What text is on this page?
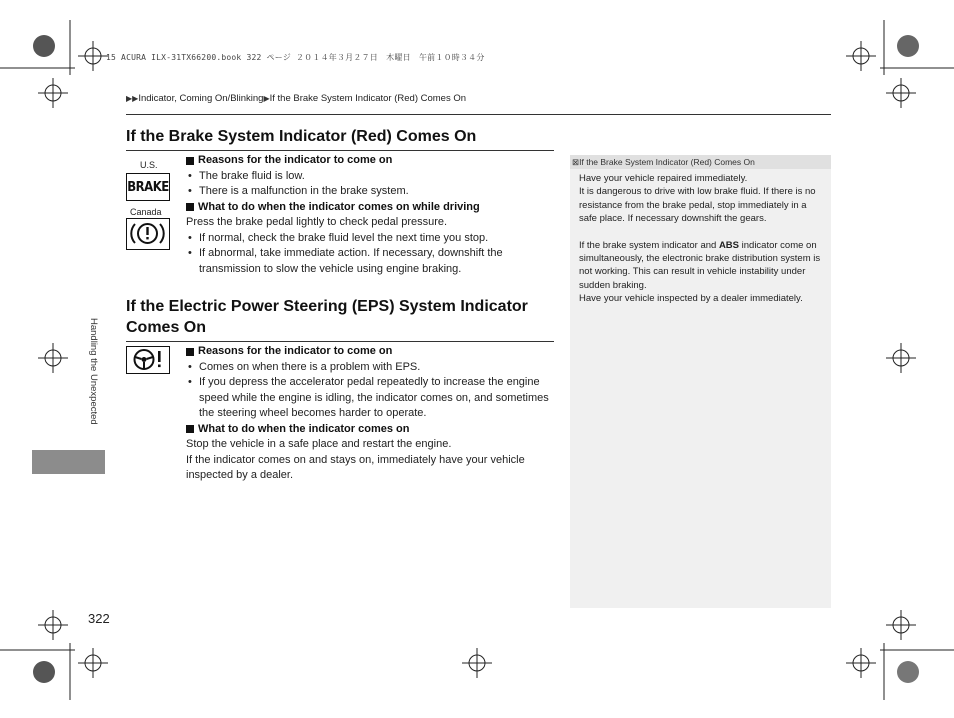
15 ACURA ILX-31TX66200.book 322 ページ ２０１４年３月２７日　木曜日　午前１０時３４分
▶▶Indicator, Coming On/Blinking▶If the Brake System Indicator (Red) Comes On
If the Brake System Indicator (Red) Comes On
U.S.
BRAKE
Canada
Reasons for the indicator to come on
• The brake fluid is low.
• There is a malfunction in the brake system.
What to do when the indicator comes on while driving

Press the brake pedal lightly to check pedal pressure.

• If normal, check the brake fluid level the next time you stop.
• If abnormal, take immediate action. If necessary, downshift the transmission to slow the vehicle using engine braking.
If the Electric Power Steering (EPS) System Indicator Comes On
Reasons for the indicator to come on
• Comes on when there is a problem with EPS.
• If you depress the accelerator pedal repeatedly to increase the engine speed while the engine is idling, the indicator comes on, and sometimes the steering wheel becomes harder to operate.
What to do when the indicator comes on

Stop the vehicle in a safe place and restart the engine.

If the indicator comes on and stays on, immediately have your vehicle inspected by a dealer.

⊠If the Brake System Indicator (Red) Comes On

Have your vehicle repaired immediately.

It is dangerous to drive with low brake fluid. If there is no resistance from the brake pedal, stop immediately in a safe place. If necessary downshift the gears.

If the brake system indicator and ABS indicator come on simultaneously, the electronic brake distribution system is not working. This can result in vehicle instability under sudden braking.

Have your vehicle inspected by a dealer immediately.

Handling the Unexpected
322
